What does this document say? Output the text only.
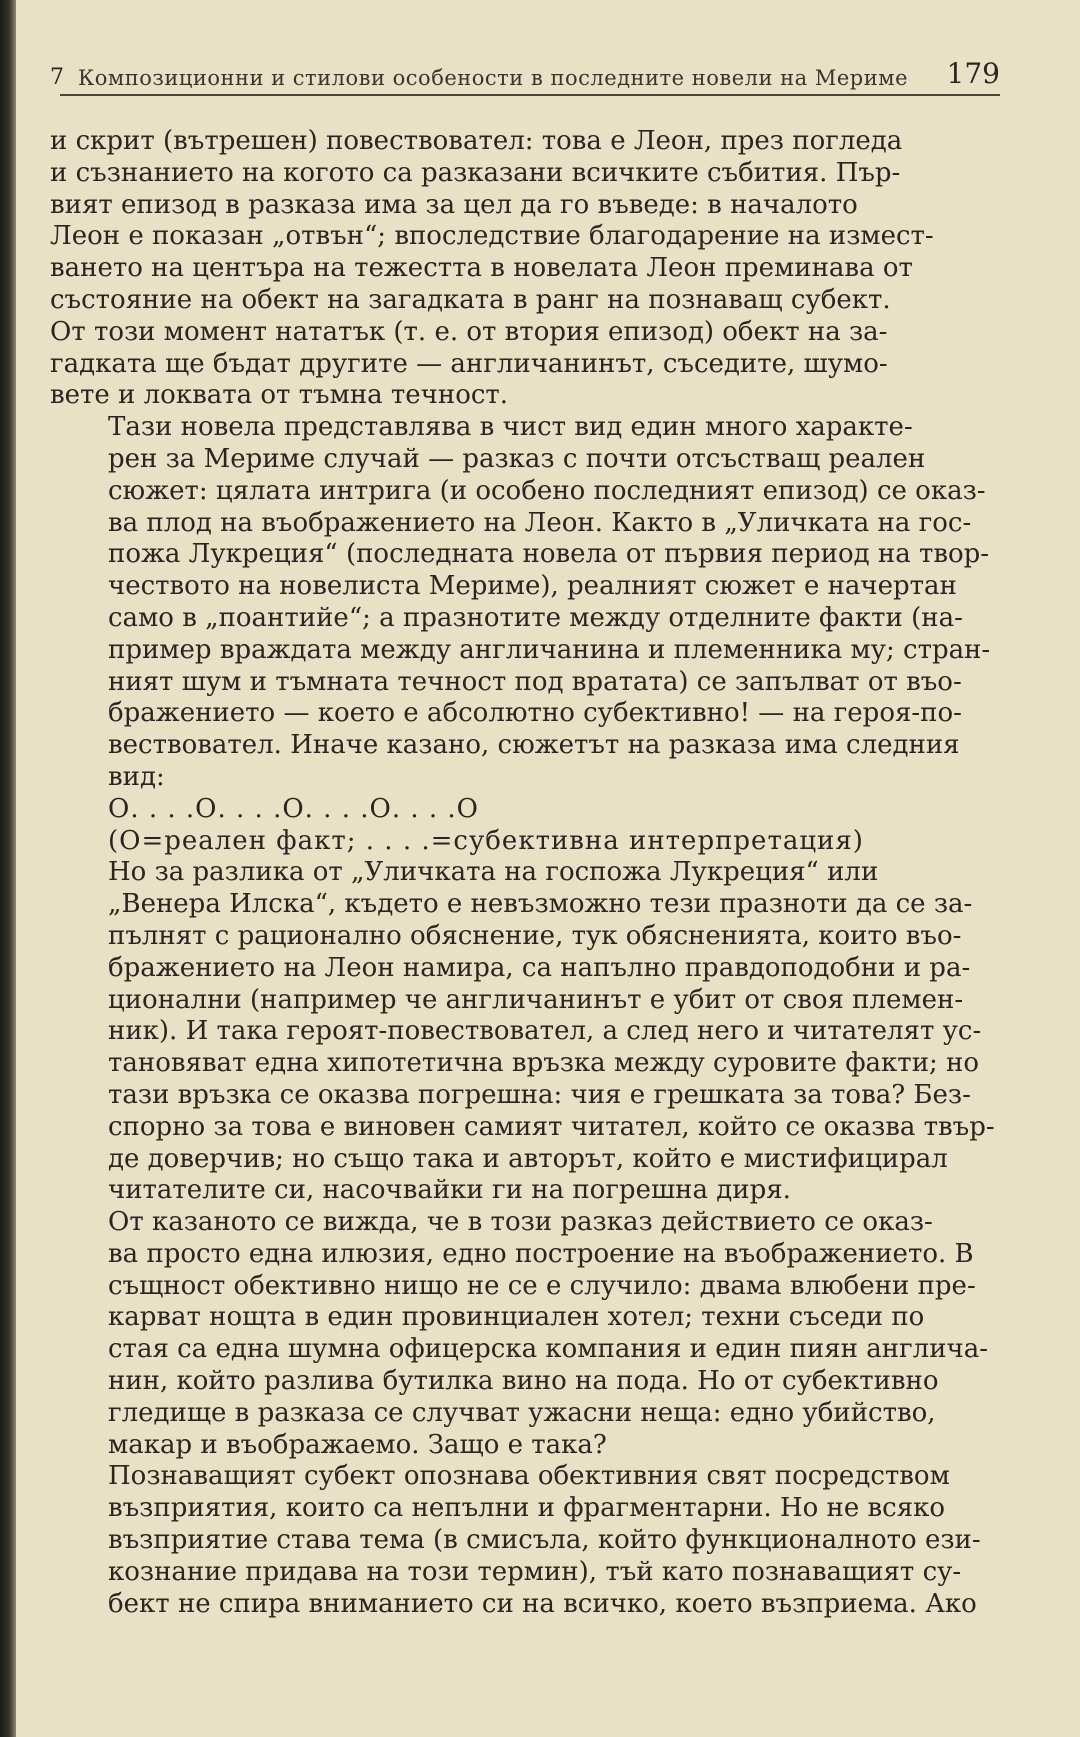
7 Композиционни и стилови особености в последните новели на Мериме	179

и скрит (вътрешен) повествовател: това е Леон, през погледа
и съзнанието на когото са разказани всичките събития. Пър-
вият епизод в разказа има за цел да го въведе: в началото
Леон е показан „отвън“; впоследствие благодарение на измест-
ването на центъра на тежестта в новелата Леон преминава от
състояние на обект на загадката в ранг на познаващ субект.
От този момент нататък (т. е. от втория епизод) обект на за-
гадката ще бъдат другите — англичанинът, съседите, шумо-
вете и локвата от тъмна течност.

Тази новела представлява в чист вид един много характе-
рен за Мериме случай — разказ с почти отсъстващ реален
сюжет: цялата интрига (и особено последният епизод) се оказ-
ва плод на въображението на Леон. Както в „Уличката на гос-
пожа Лукреция“ (последната новела от първия период на твор-
чеството на новелиста Мериме), реалният сюжет е начертан
само в „поантийе“; а празнотите между отделните факти (на-
пример враждата между англичанина и племенника му; стран-
ният шум и тъмната течност под вратата) се запълват от въо-
бражението — което е абсолютно субективно! — на героя-по-
вествовател. Иначе казано, сюжетът на разказа има следния
вид:

О. . . .О. . . .О. . . .О. . . .О
(О=реален факт; . . . .=субективна интерпретация)

Но за разлика от „Уличката на госпожа Лукреция“ или
„Венера Илска“, където е невъзможно тези празноти да се за-
пълнят с рационално обяснение, тук обясненията, които въо-
бражението на Леон намира, са напълно правдоподобни и ра-
ционални (например че англичанинът е убит от своя племен-
ник). И така героят-повествовател, а след него и читателят ус-
тановяват една хипотетична връзка между суровите факти; но
тази връзка се оказва погрешна: чия е грешката за това? Без-
спорно за това е виновен самият читател, който се оказва твър-
де доверчив; но също така и авторът, който е мистифицирал
читателите си, насочвайки ги на погрешна диря.

От казаното се вижда, че в този разказ действието се оказ-
ва просто една илюзия, едно построение на въображението. В
същност обективно нищо не се е случило: двама влюбени пре-
карват нощта в един провинциален хотел; техни съседи по
стая са една шумна офицерска компания и един пиян англича-
нин, който разлива бутилка вино на пода. Но от субективно
гледище в разказа се случват ужасни неща: едно убийство,
макар и въображаемо. Защо е така?

Познаващият субект опознава обективния свят посредством
възприятия, които са непълни и фрагментарни. Но не всяко
възприятие става тема (в смисъла, който функционалното ези-
кознание придава на този термин), тъй като познаващият су-
бект не спира вниманието си на всичко, което възприема. Ако
